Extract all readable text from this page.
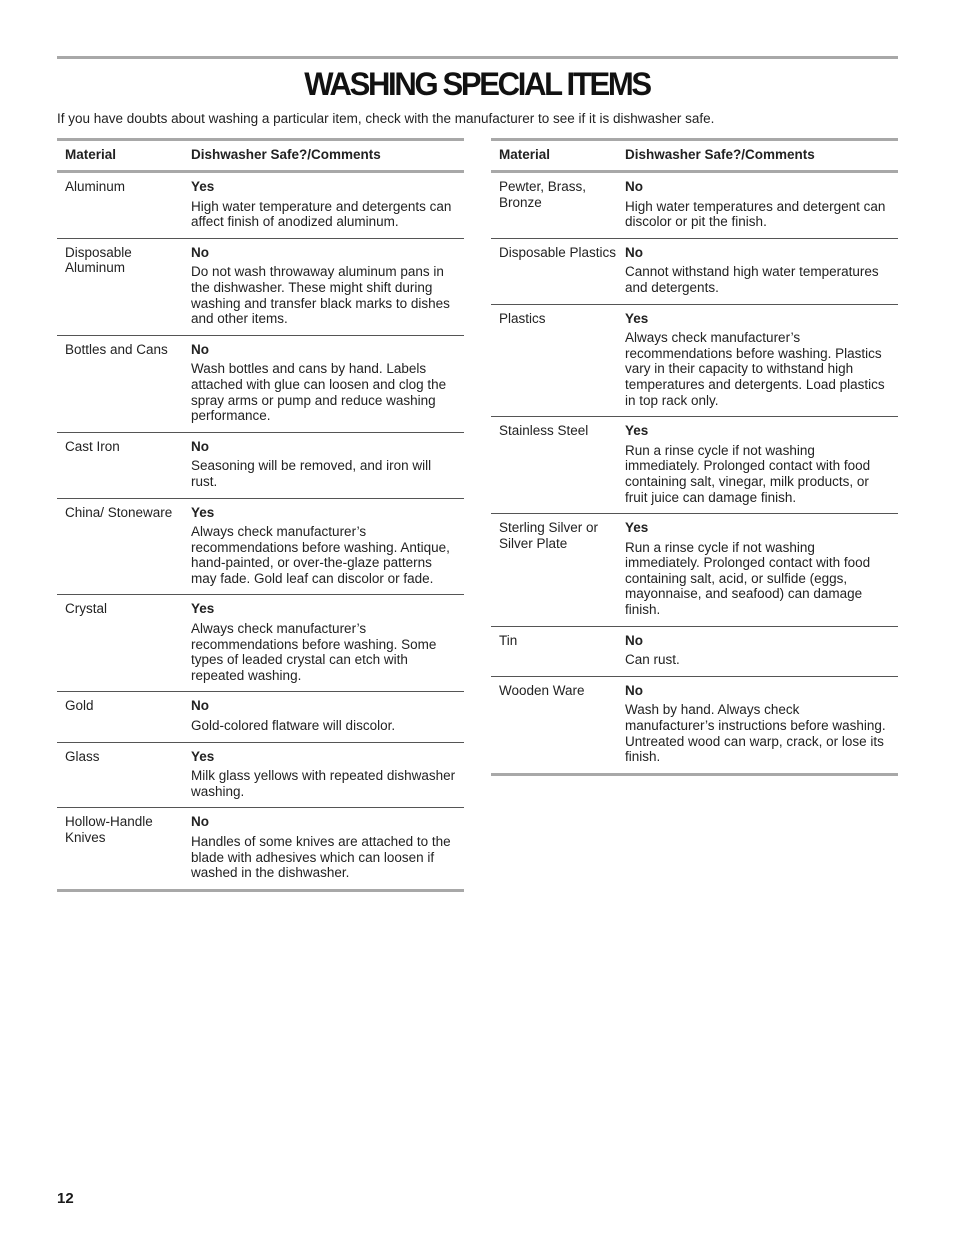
WASHING SPECIAL ITEMS

If you have doubts about washing a particular item, check with the manufacturer to see if it is dishwasher safe.

Material	Dishwasher Safe?/Comments
Aluminum	Yes
High water temperature and detergents can affect finish of anodized aluminum.
Disposable Aluminum	No
Do not wash throwaway aluminum pans in the dishwasher. These might shift during washing and transfer black marks to dishes and other items.
Bottles and Cans	No
Wash bottles and cans by hand. Labels attached with glue can loosen and clog the spray arms or pump and reduce washing performance.
Cast Iron	No
Seasoning will be removed, and iron will rust.
China/ Stoneware	Yes
Always check manufacturer’s recommendations before washing. Antique, hand-painted, or over-the-glaze patterns may fade. Gold leaf can discolor or fade.
Crystal	Yes
Always check manufacturer’s recommendations before washing. Some types of leaded crystal can etch with repeated washing.
Gold	No
Gold-colored flatware will discolor.
Glass	Yes
Milk glass yellows with repeated dishwasher washing.
Hollow-Handle Knives	No
Handles of some knives are attached to the blade with adhesives which can loosen if washed in the dishwasher.
Material	Dishwasher Safe?/Comments
Pewter, Brass, Bronze	No
High water temperatures and detergent can discolor or pit the finish.
Disposable Plastics	No
Cannot withstand high water temperatures and detergents.
Plastics	Yes
Always check manufacturer’s recommendations before washing. Plastics vary in their capacity to withstand high temperatures and detergents. Load plastics in top rack only.
Stainless Steel	Yes
Run a rinse cycle if not washing immediately. Prolonged contact with food containing salt, vinegar, milk products, or fruit juice can damage finish.
Sterling Silver or Silver Plate	Yes
Run a rinse cycle if not washing immediately. Prolonged contact with food containing salt, acid, or sulfide (eggs, mayonnaise, and seafood) can damage finish.
Tin	No
Can rust.
Wooden Ware	No
Wash by hand. Always check manufacturer’s instructions before washing. Untreated wood can warp, crack, or lose its finish.
12
